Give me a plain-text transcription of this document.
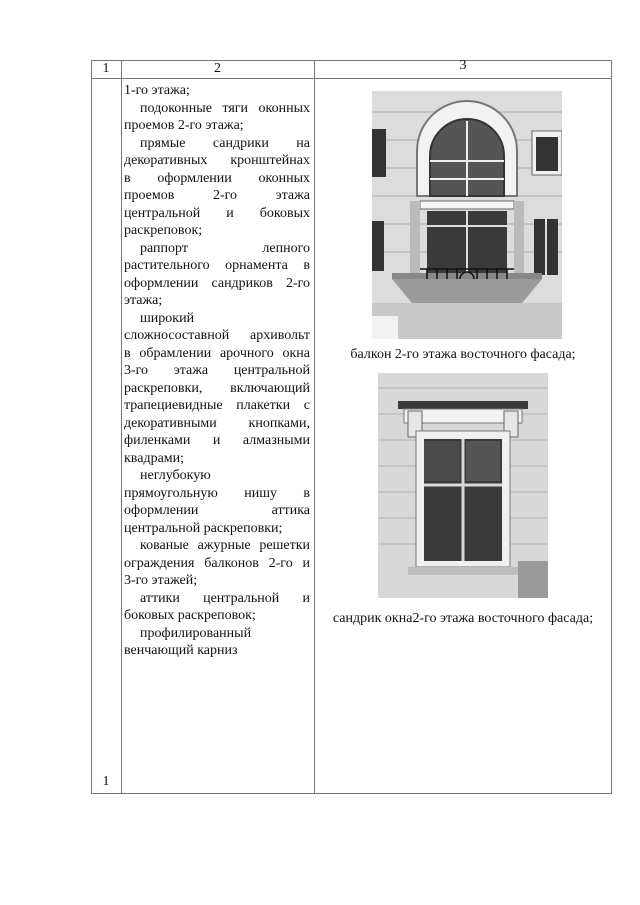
1	2	3
1
1-го этажа;
подоконные тяги оконных
проемов 2-го этажа;
прямые сандрики на
декоративных кронштейнах
в оформлении оконных
проемов 2-го этажа
центральной и боковых
раскреповок;
раппорт лепного
растительного орнамента в
оформлении сандриков 2-го
этажа;
широкий
сложносоставной архивольт
в обрамлении арочного окна
3-го этажа центральной
раскреповки, включающий
трапециевидные плакетки с
декоративными кнопками,
филенками и алмазными
квадрами;
неглубокую
прямоугольную нишу в
оформлении аттика
центральной раскреповки;
кованые ажурные решетки
ограждения балконов 2-го и
3-го этажей;
аттики центральной и
боковых раскреповок;
профилированный
венчающий карниз
балкон 2-го этажа восточного фасада;
сандрик окна2-го этажа восточного фасада;
